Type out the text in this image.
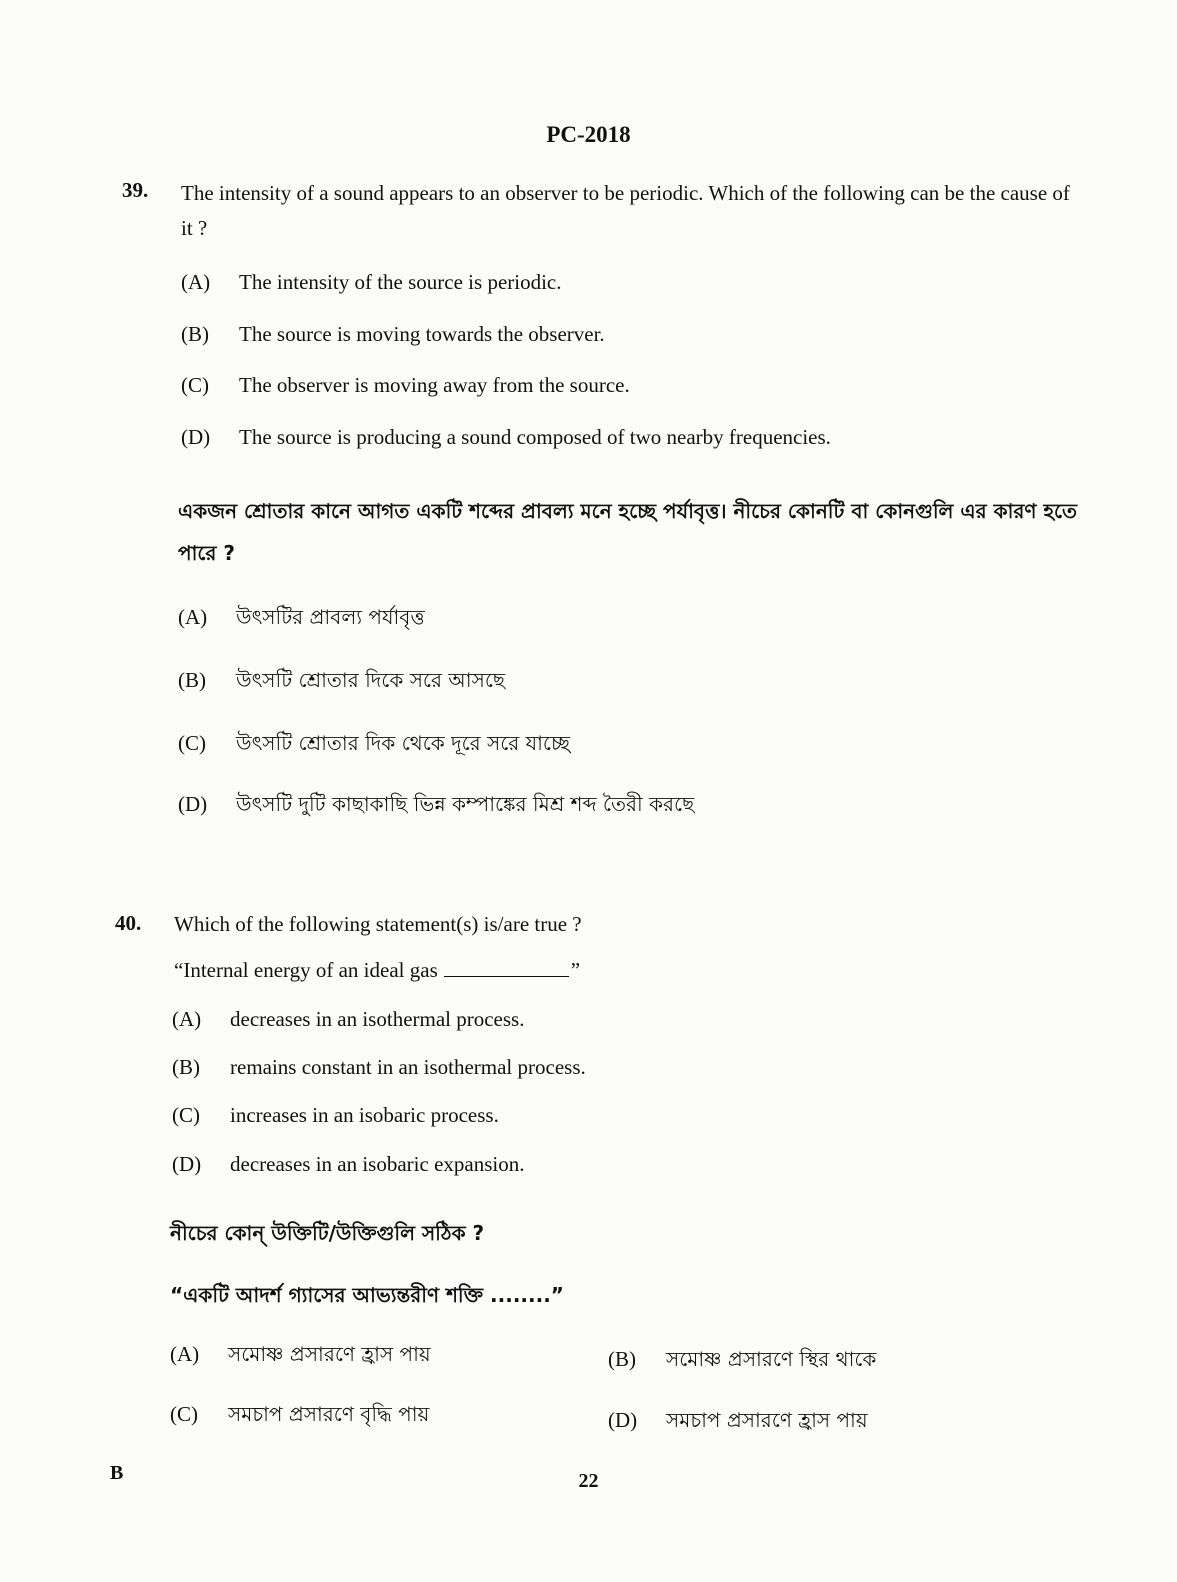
PC-2018
39. The intensity of a sound appears to an observer to be periodic. Which of the following can be the cause of it ?
(A) The intensity of the source is periodic.
(B) The source is moving towards the observer.
(C) The observer is moving away from the source.
(D) The source is producing a sound composed of two nearby frequencies.
একজন শ্রোতার কানে আগত একটি শব্দের প্রাবল্য মনে হচ্ছে পর্যাবৃত্ত। নীচের কোনটি বা কোনগুলি এর কারণ হতে পারে ?
(A) উৎসটির প্রাবল্য পর্যাবৃত্ত
(B) উৎসটি শ্রোতার দিকে সরে আসছে
(C) উৎসটি শ্রোতার দিক থেকে দূরে সরে যাচ্ছে
(D) উৎসটি দুটি কাছাকাছি ভিন্ন কম্পাঙ্কের মিশ্র শব্দ তৈরী করছে
40. Which of the following statement(s) is/are true ?
“Internal energy of an ideal gas	”
(A) decreases in an isothermal process.
(B) remains constant in an isothermal process.
(C) increases in an isobaric process.
(D) decreases in an isobaric expansion.
নীচের কোন্ উক্তিটি/উক্তিগুলি সঠিক ?
“একটি আদর্শ গ্যাসের আভ্যন্তরীণ শক্তি ........”
(A) সমোষ্ণ প্রসারণে হ্রাস পায়	(B) সমোষ্ণ প্রসারণে স্থির থাকে
(C) সমচাপ প্রসারণে বৃদ্ধি পায়	(D) সমচাপ প্রসারণে হ্রাস পায়
B	22
